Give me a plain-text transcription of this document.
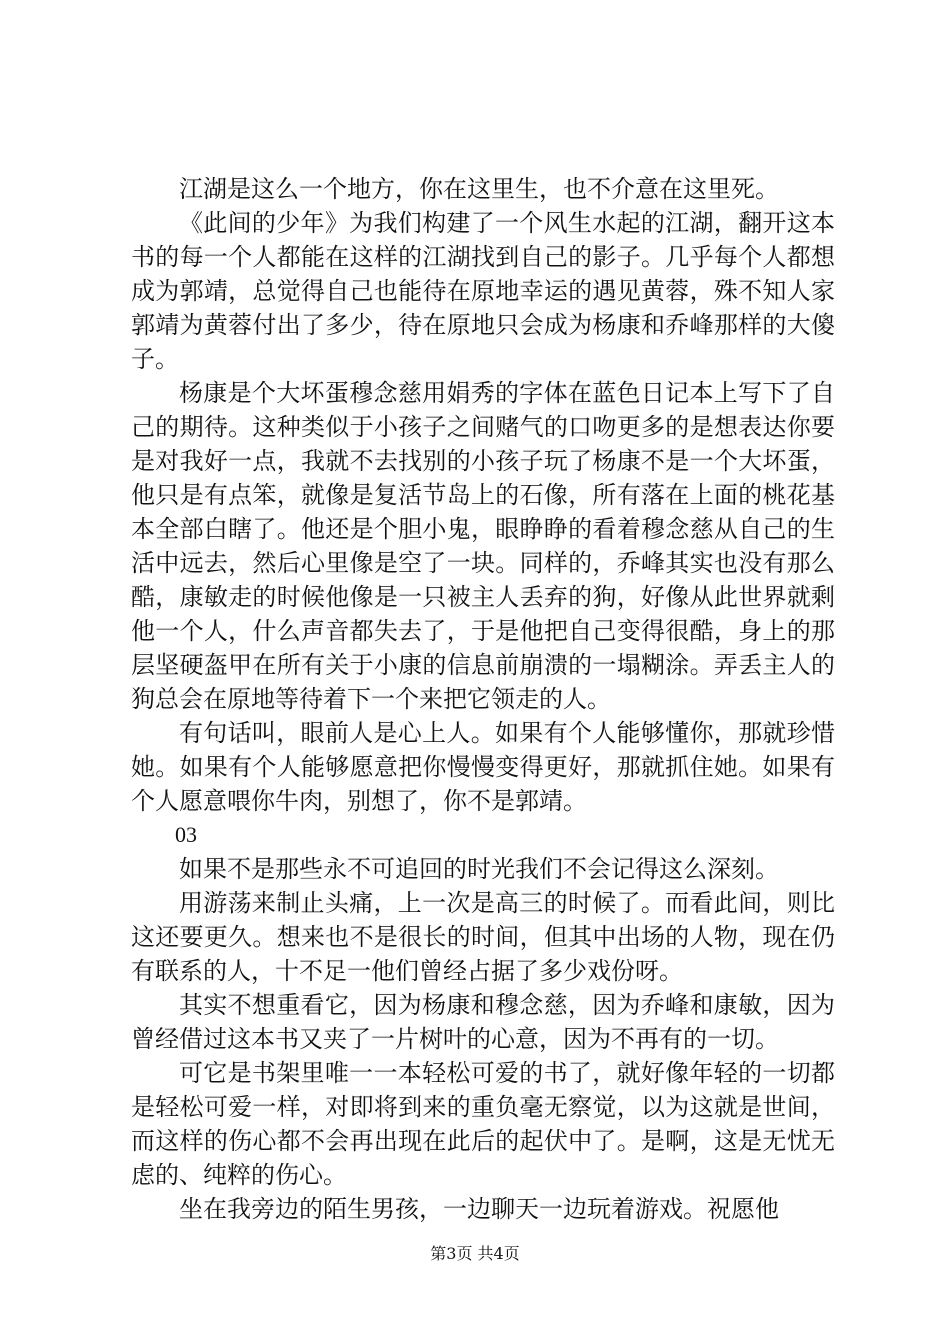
江湖是这么一个地方，你在这里生，也不介意在这里死。

《此间的少年》为我们构建了一个风生水起的江湖，翻开这本书的每一个人都能在这样的江湖找到自己的影子。几乎每个人都想成为郭靖，总觉得自己也能待在原地幸运的遇见黄蓉，殊不知人家郭靖为黄蓉付出了多少，待在原地只会成为杨康和乔峰那样的大傻子。

杨康是个大坏蛋穆念慈用娟秀的字体在蓝色日记本上写下了自己的期待。这种类似于小孩子之间赌气的口吻更多的是想表达你要是对我好一点，我就不去找别的小孩子玩了杨康不是一个大坏蛋，他只是有点笨，就像是复活节岛上的石像，所有落在上面的桃花基本全部白瞎了。他还是个胆小鬼，眼睁睁的看着穆念慈从自己的生活中远去，然后心里像是空了一块。同样的，乔峰其实也没有那么酷，康敏走的时候他像是一只被主人丢弃的狗，好像从此世界就剩他一个人，什么声音都失去了，于是他把自己变得很酷，身上的那层坚硬盔甲在所有关于小康的信息前崩溃的一塌糊涂。弄丢主人的狗总会在原地等待着下一个来把它领走的人。

有句话叫，眼前人是心上人。如果有个人能够懂你，那就珍惜她。如果有个人能够愿意把你慢慢变得更好，那就抓住她。如果有个人愿意喂你牛肉，别想了，你不是郭靖。

03

如果不是那些永不可追回的时光我们不会记得这么深刻。

用游荡来制止头痛，上一次是高三的时候了。而看此间，则比这还要更久。想来也不是很长的时间，但其中出场的人物，现在仍有联系的人，十不足一他们曾经占据了多少戏份呀。

其实不想重看它，因为杨康和穆念慈，因为乔峰和康敏，因为曾经借过这本书又夹了一片树叶的心意，因为不再有的一切。

可它是书架里唯一一本轻松可爱的书了，就好像年轻的一切都是轻松可爱一样，对即将到来的重负毫无察觉，以为这就是世间，而这样的伤心都不会再出现在此后的起伏中了。是啊，这是无忧无虑的、纯粹的伤心。

坐在我旁边的陌生男孩，一边聊天一边玩着游戏。祝愿他

第3页 共4页
